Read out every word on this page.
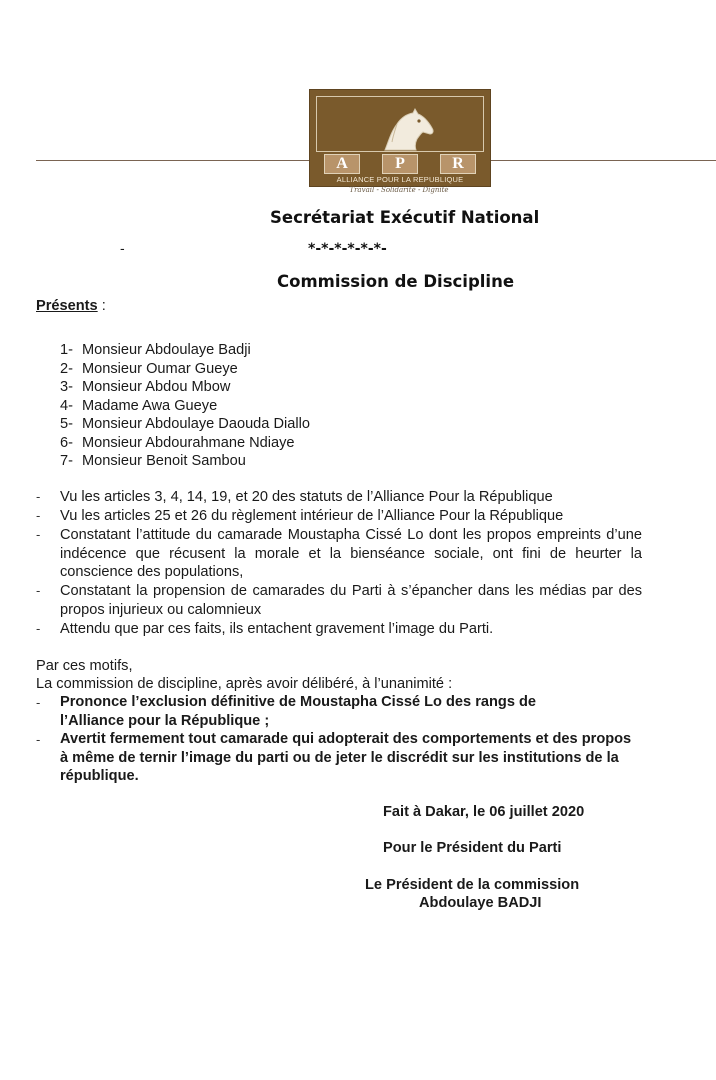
A	P	R
ALLIANCE POUR LA REPUBLIQUE
Travail - Solidarité - Dignité
Secrétariat Exécutif National
-	*-*-*-*-*-*-
Commission de Discipline
Présents :
1- Monsieur Abdoulaye Badji
2- Monsieur Oumar Gueye
3- Monsieur Abdou Mbow
4- Madame Awa Gueye
5- Monsieur Abdoulaye Daouda Diallo
6- Monsieur Abdourahmane Ndiaye
7- Monsieur Benoit Sambou
- Vu les articles 3, 4, 14, 19, et 20 des statuts de l’Alliance Pour la République
- Vu les articles 25 et 26 du règlement intérieur de l’Alliance Pour la République
- Constatant l’attitude du camarade Moustapha Cissé Lo dont les propos empreints d’une indécence que récusent la morale et la bienséance sociale, ont fini de heurter la conscience des populations,
- Constatant la propension de camarades du Parti à s’épancher dans les médias par des propos injurieux ou calomnieux
- Attendu que par ces faits, ils entachent gravement l’image du Parti.
Par ces motifs,
La commission de discipline, après avoir délibéré, à l’unanimité :
- Prononce l’exclusion définitive de Moustapha Cissé Lo des rangs de l’Alliance pour la République ;
- Avertit fermement tout camarade qui adopterait des comportements et des propos à même de ternir l’image du parti ou de jeter le discrédit sur les institutions de la république.
Fait à Dakar, le 06 juillet 2020
Pour le Président du Parti
Le Président de la commission
Abdoulaye BADJI
